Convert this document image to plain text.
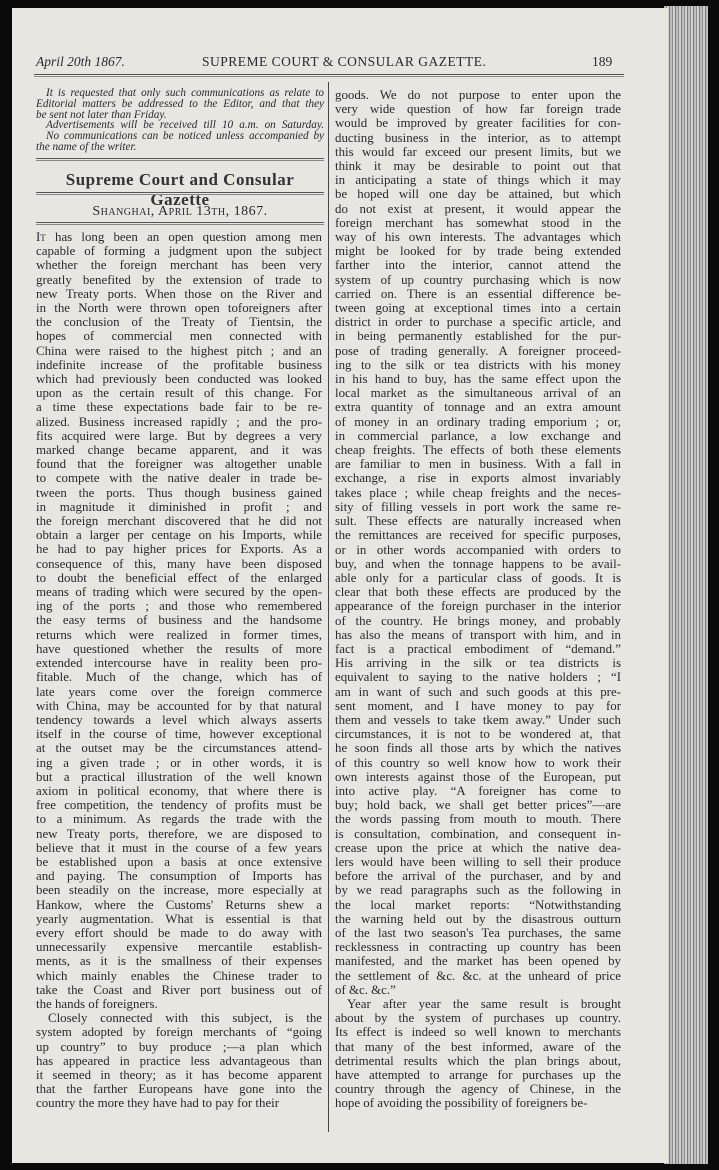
April 20th 1867.	SUPREME COURT & CONSULAR GAZETTE.	189
It is requested that only such communications as relate to
Editorial matters be addressed to the Editor, and that they
be sent not later than Friday.
Advertisements will be received till 10 a.m. on Saturday.
No communications can be noticed unless accompanied by
the name of the writer.
Supreme Court and Consular Gazette
Shanghai, April 13th, 1867.
It has long been an open question among men
capable of forming a judgment upon the subject
whether the foreign merchant has been very
greatly benefited by the extension of trade to
new Treaty ports. When those on the River and
in the North were thrown open toforeigners after
the conclusion of the Treaty of Tientsin, the
hopes of commercial men connected with
China were raised to the highest pitch ; and an
indefinite increase of the profitable business
which had previously been conducted was looked
upon as the certain result of this change. For
a time these expectations bade fair to be re-
alized. Business increased rapidly ; and the pro-
fits acquired were large. But by degrees a very
marked change became apparent, and it was
found that the foreigner was altogether unable
to compete with the native dealer in trade be-
tween the ports. Thus though business gained
in magnitude it diminished in profit ; and
the foreign merchant discovered that he did not
obtain a larger per centage on his Imports, while
he had to pay higher prices for Exports. As a
consequence of this, many have been disposed
to doubt the beneficial effect of the enlarged
means of trading which were secured by the open-
ing of the ports ; and those who remembered
the easy terms of business and the handsome
returns which were realized in former times,
have questioned whether the results of more
extended intercourse have in reality been pro-
fitable. Much of the change, which has of
late years come over the foreign commerce
with China, may be accounted for by that natural
tendency towards a level which always asserts
itself in the course of time, however exceptional
at the outset may be the circumstances attend-
ing a given trade ; or in other words, it is
but a practical illustration of the well known
axiom in political economy, that where there is
free competition, the tendency of profits must be
to a minimum. As regards the trade with the
new Treaty ports, therefore, we are disposed to
believe that it must in the course of a few years
be established upon a basis at once extensive
and paying. The consumption of Imports has
been steadily on the increase, more especially at
Hankow, where the Customs' Returns shew a
yearly augmentation. What is essential is that
every effort should be made to do away with
unnecessarily expensive mercantile establish-
ments, as it is the smallness of their expenses
which mainly enables the Chinese trader to
take the Coast and River port business out of
the hands of foreigners.
Closely connected with this subject, is the
system adopted by foreign merchants of “going
up country” to buy produce ;—a plan which
has appeared in practice less advantageous than
it seemed in theory; as it has become apparent
that the farther Europeans have gone into the
country the more they have had to pay for their
goods. We do not purpose to enter upon the
very wide question of how far foreign trade
would be improved by greater facilities for con-
ducting business in the interior, as to attempt
this would far exceed our present limits, but we
think it may be desirable to point out that
in anticipating a state of things which it may
be hoped will one day be attained, but which
do not exist at present, it would appear the
foreign merchant has somewhat stood in the
way of his own interests. The advantages which
might be looked for by trade being extended
farther into the interior, cannot attend the
system of up country purchasing which is now
carried on. There is an essential difference be-
tween going at exceptional times into a certain
district in order to purchase a specific article, and
in being permanently established for the pur-
pose of trading generally. A foreigner proceed-
ing to the silk or tea districts with his money
in his hand to buy, has the same effect upon the
local market as the simultaneous arrival of an
extra quantity of tonnage and an extra amount
of money in an ordinary trading emporium ; or,
in commercial parlance, a low exchange and
cheap freights. The effects of both these elements
are familiar to men in business. With a fall in
exchange, a rise in exports almost invariably
takes place ; while cheap freights and the neces-
sity of filling vessels in port work the same re-
sult. These effects are naturally increased when
the remittances are received for specific purposes,
or in other words accompanied with orders to
buy, and when the tonnage happens to be avail-
able only for a particular class of goods. It is
clear that both these effects are produced by the
appearance of the foreign purchaser in the interior
of the country. He brings money, and probably
has also the means of transport with him, and in
fact is a practical embodiment of “demand.”
His arriving in the silk or tea districts is
equivalent to saying to the native holders ; “I
am in want of such and such goods at this pre-
sent moment, and I have money to pay for
them and vessels to take tkem away.” Under such
circumstances, it is not to be wondered at, that
he soon finds all those arts by which the natives
of this country so well know how to work their
own interests against those of the European, put
into active play. “A foreigner has come to
buy; hold back, we shall get better prices”—are
the words passing from mouth to mouth. There
is consultation, combination, and consequent in-
crease upon the price at which the native dea-
lers would have been willing to sell their produce
before the arrival of the purchaser, and by and
by we read paragraphs such as the following in
the local market reports: “Notwithstanding
the warning held out by the disastrous outturn
of the last two season's Tea purchases, the same
recklessness in contracting up country has been
manifested, and the market has been opened by
the settlement of &c. &c. at the unheard of price
of &c. &c.”
Year after year the same result is brought
about by the system of purchases up country.
Its effect is indeed so well known to merchants
that many of the best informed, aware of the
detrimental results which the plan brings about,
have attempted to arrange for purchases up the
country through the agency of Chinese, in the
hope of avoiding the possibility of foreigners be-
